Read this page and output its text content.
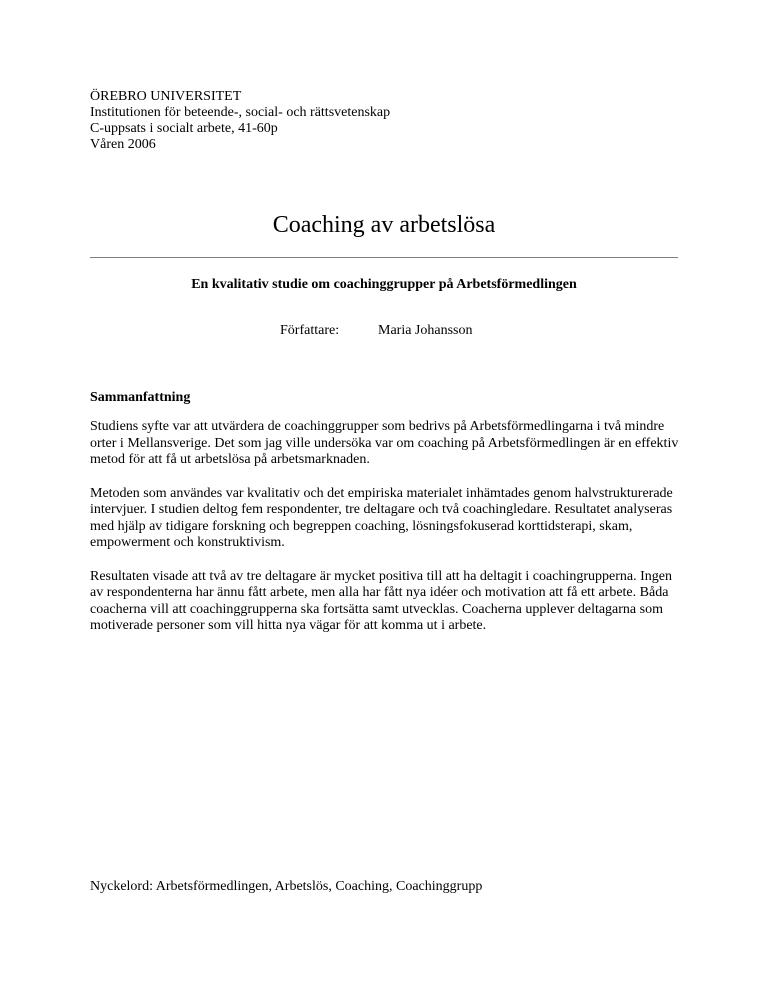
ÖREBRO UNIVERSITET
Institutionen för beteende-, social- och rättsvetenskap
C-uppsats i socialt arbete, 41-60p
Våren 2006
Coaching av arbetslösa
En kvalitativ studie om coachinggrupper på Arbetsförmedlingen
Författare:	Maria Johansson
Sammanfattning

Studiens syfte var att utvärdera de coachinggrupper som bedrivs på Arbetsförmedlingarna i två mindre orter i Mellansverige. Det som jag ville undersöka var om coaching på Arbetsförmedlingen är en effektiv metod för att få ut arbetslösa på arbetsmarknaden.

Metoden som användes var kvalitativ och det empiriska materialet inhämtades genom halvstrukturerade intervjuer. I studien deltog fem respondenter, tre deltagare och två coachingledare. Resultatet analyseras med hjälp av tidigare forskning och begreppen coaching, lösningsfokuserad korttidsterapi, skam, empowerment och konstruktivism.

Resultaten visade att två av tre deltagare är mycket positiva till att ha deltagit i coachingrupperna. Ingen av respondenterna har ännu fått arbete, men alla har fått nya idéer och motivation att få ett arbete. Båda coacherna vill att coachinggrupperna ska fortsätta samt utvecklas. Coacherna upplever deltagarna som motiverade personer som vill hitta nya vägar för att komma ut i arbete.

Nyckelord: Arbetsförmedlingen, Arbetslös, Coaching, Coachinggrupp
